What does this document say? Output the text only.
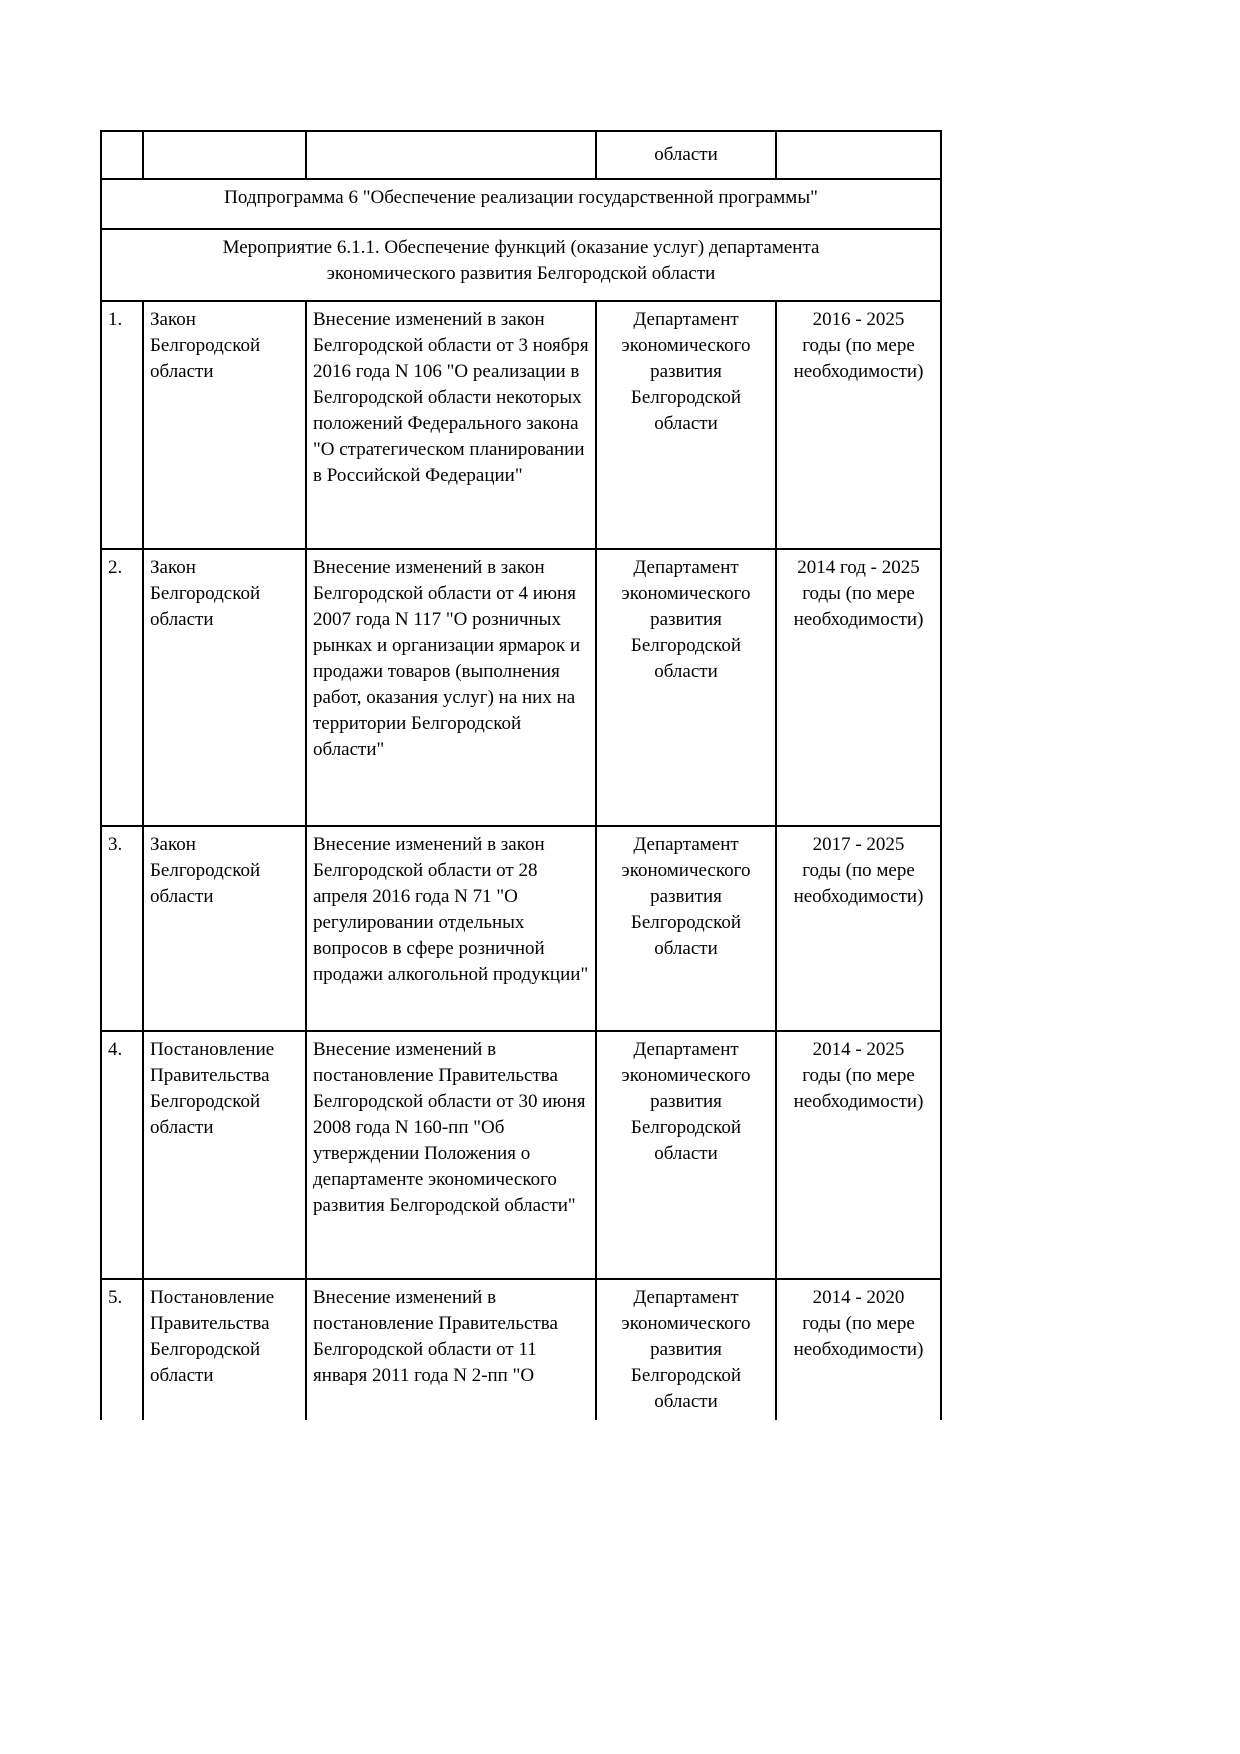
			области	
Подпрограмма 6 "Обеспечение реализации государственной программы"				

Мероприятие 6.1.1. Обеспечение функций (оказание услуг) департамента экономического развития Белгородской области				

1.	Закон Белгородской области	Внесение изменений в закон Белгородской области от 3 ноября 2016 года N 106 "О реализации в Белгородской области некоторых положений Федерального закона "О стратегическом планировании в Российской Федерации"	Департамент экономического развития Белгородской области	2016 - 2025 годы (по мере необходимости)

2.	Закон Белгородской области	Внесение изменений в закон Белгородской области от 4 июня 2007 года N 117 "О розничных рынках и организации ярмарок и продажи товаров (выполнения работ, оказания услуг) на них на территории Белгородской области"	Департамент экономического развития Белгородской области	2014 год - 2025 годы (по мере необходимости)

3.	Закон Белгородской области	Внесение изменений в закон Белгородской области от 28 апреля 2016 года N 71 "О регулировании отдельных вопросов в сфере розничной продажи алкогольной продукции"	Департамент экономического развития Белгородской области	2017 - 2025 годы (по мере необходимости)

4.	Постановление Правительства Белгородской области	Внесение изменений в постановление Правительства Белгородской области от 30 июня 2008 года N 160-пп "Об утверждении Положения о департаменте экономического развития Белгородской области"	Департамент экономического развития Белгородской области	2014 - 2025 годы (по мере необходимости)

5.	Постановление Правительства Белгородской области	Внесение изменений в постановление Правительства Белгородской области от 11 января 2011 года N 2-пп "О	Департамент экономического развития Белгородской области	2014 - 2020 годы (по мере необходимости)
